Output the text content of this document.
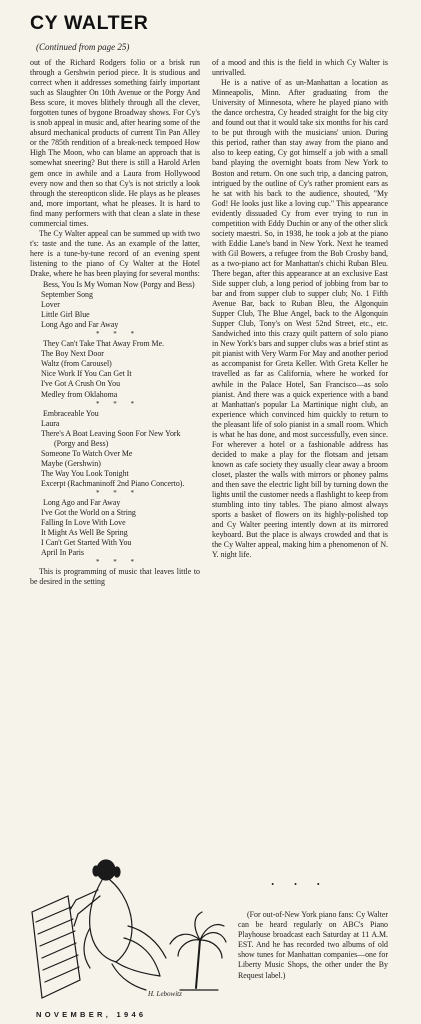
CY WALTER
(Continued from page 25)

out of the Richard Rodgers folio or a brisk run through a Gershwin period piece. It is studious and correct when it addresses something fairly important such as Slaughter On 10th Avenue or the Porgy And Bess score, it moves blithely through all the clever, forgotten tunes of bygone Broadway shows. For Cy's is snob appeal in music and, after hearing some of the absurd mechanical products of current Tin Pan Alley or the 785th rendition of a break-neck tempoed How High The Moon, who can blame an approach that is somewhat sneering? But there is still a Harold Arlen gem once in awhile and a Laura from Hollywood every now and then so that Cy's is not strictly a look through the stereopticon slide. He plays as he pleases and, more important, what he pleases. It is hard to find many performers with that clean a slate in these commercial times.

The Cy Walter appeal can be summed up with two t's: taste and the tune. As an example of the latter, here is a tune-by-tune record of an evening spent listening to the piano of Cy Walter at the Hotel Drake, where he has been playing for several months:

Bess, You Is My Woman Now (Porgy and Bess)
September Song
Lover
Little Girl Blue
Long Ago and Far Away
* * *
They Can't Take That Away From Me.
The Boy Next Door
Waltz (from Carousel)
Nice Work If You Can Get It
I've Got A Crush On You
Medley from Oklahoma
* * *
Embraceable You
Laura
There's A Boat Leaving Soon For New York (Porgy and Bess)
Someone To Watch Over Me
Maybe (Gershwin)
The Way You Look Tonight
Excerpt (Rachmaninoff 2nd Piano Concerto).
* * *
Long Ago and Far Away
I've Got the World on a String
Falling In Love With Love
It Might As Well Be Spring
I Can't Get Started With You
April In Paris
* * *

This is programming of music that leaves little to be desired in the setting

of a mood and this is the field in which Cy Walter is unrivalled.

He is a native of as un-Manhattan a location as Minneapolis, Minn. After graduating from the University of Minnesota, where he played piano with the dance orchestra, Cy headed straight for the big city and found out that it would take six months for his card to be put through with the musicians' union. During this period, rather than stay away from the piano and also to keep eating, Cy got himself a job with a small band playing the overnight boats from New York to Boston and return. On one such trip, a dancing patron, intrigued by the outline of Cy's rather promient ears as he sat with his back to the audience, shouted, "My God! He looks just like a loving cup." This appearance evidently dissuaded Cy from ever trying to run in competition with Eddy Duchin or any of the other slick society maestri. So, in 1938, he took a job at the piano with Eddie Lane's band in New York. Next he teamed with Gil Bowers, a refugee from the Bob Crosby band, as a two-piano act for Manhattan's chichi Ruban Bleu. There began, after this appearance at an exclusive East Side supper club, a long period of jobbing from bar to bar and from supper club to supper club; No. 1 Fifth Avenue Bar, back to Ruban Bleu, the Algonquin Supper Club, The Blue Angel, back to the Algonquin Supper Club, Tony's on West 52nd Street, etc., etc. Sandwiched into this crazy quilt pattern of solo piano in New York's bars and supper clubs was a brief stint as pit pianist with Very Warm For May and another period as accompanist for Greta Keller. With Greta Keller he travelled as far as California, where he worked for awhile in the Palace Hotel, San Francisco—as solo pianist. And there was a quick experience with a band at Manhattan's popular La Martinique night club, an experience which convinced him quickly to return to the pleasant life of solo pianist in a small room. Which is what he has done, and most successfully, even since. For wherever a hotel or a fashionable address has decided to make a play for the flotsam and jetsam known as cafe society they usually clear away a broom closet, plaster the walls with mirrors or phoney palms and then save the electric light bill by turning down the lights until the customer needs a flashlight to keep from stumbling into tiny tables. The piano almost always sports a basket of flowers on its highly-polished top and Cy Walter peering intently down at its mirrored keyboard. But the place is always crowded and that is the Cy Walter appeal, making him a phenomenon of N. Y. night life.

• • •

(For out-of-New York piano fans: Cy Walter can be heard regularly on ABC's Piano Playhouse broadcast each Saturday at 11 A.M. EST. And he has recorded two albums of old show tunes for Manhattan companies—one for Liberty Music Shops, the other under the By Request label.)

H. Lebowitz
NOVEMBER, 1946
